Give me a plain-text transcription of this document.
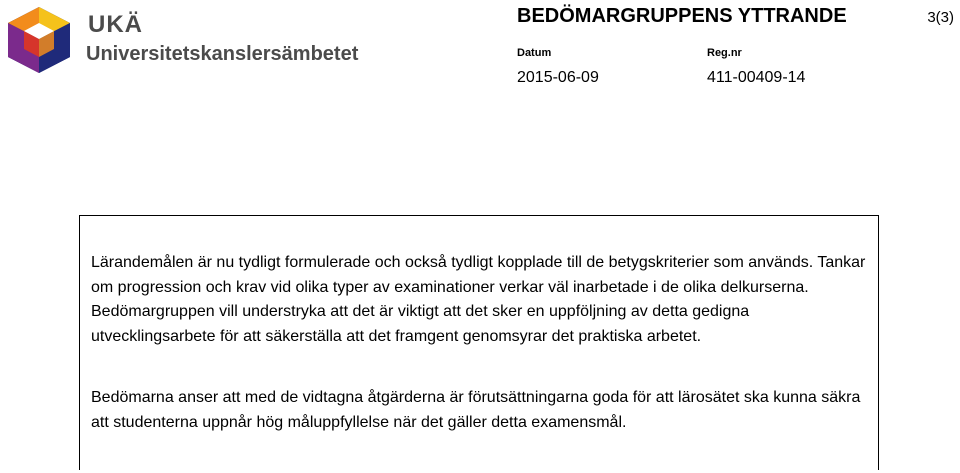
UKÄ
Universitetskanslersämbetet
BEDÖMARGRUPPENS YTTRANDE	3(3)
Datum	Reg.nr
2015-06-09	411-00409-14

Lärandemålen är nu tydligt formulerade och också tydligt kopplade till de betygskriterier som används. Tankar om progression och krav vid olika typer av examinationer verkar väl inarbetade i de olika delkurserna. Bedömargruppen vill understryka att det är viktigt att det sker en uppföljning av detta gedigna utvecklingsarbete för att säkerställa att det framgent genomsyrar det praktiska arbetet.

Bedömarna anser att med de vidtagna åtgärderna är förutsättningarna goda för att lärosätet ska kunna säkra att studenterna uppnår hög måluppfyllelse när det gäller detta examensmål.
